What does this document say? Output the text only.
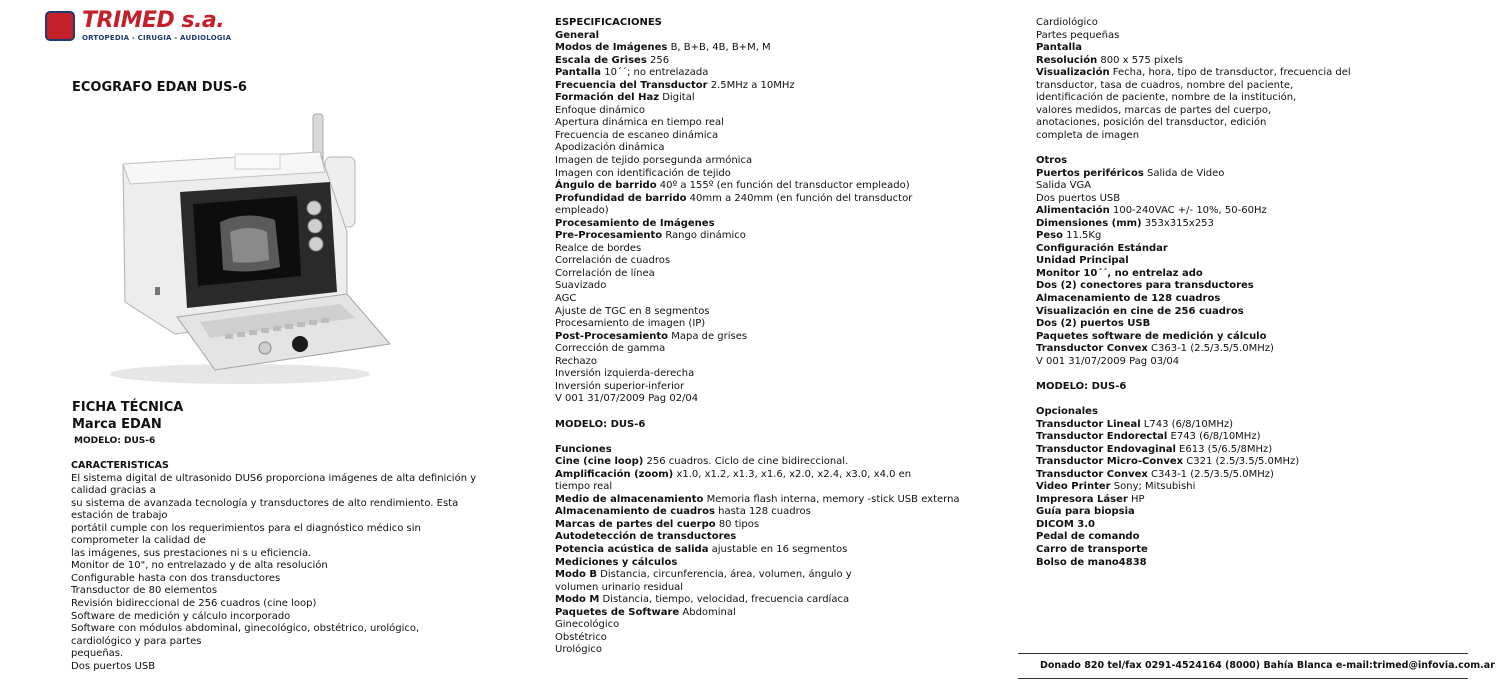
TRIMED s.a.
ORTOPEDIA - CIRUGIA - AUDIOLOGIA
ECOGRAFO EDAN DUS-6
FICHA TÉCNICA
Marca EDAN
MODELO: DUS-6
CARACTERISTICAS
El sistema digital de ultrasonido DUS6 proporciona imágenes de alta definición y
calidad gracias a
su sistema de avanzada tecnología y transductores de alto rendimiento. Esta
estación de trabajo
portátil cumple con los requerimientos para el diagnóstico médico sin
comprometer la calidad de
las imágenes, sus prestaciones ni s u eficiencia.
Monitor de 10", no entrelazado y de alta resolución
Configurable hasta con dos transductores
Transductor de 80 elementos
Revisión bidireccional de 256 cuadros (cine loop)
Software de medición y cálculo incorporado
Software con módulos abdominal, ginecológico, obstétrico, urológico,
cardiológico y para partes
pequeñas.
Dos puertos USB
ESPECIFICACIONES
General
Modos de Imágenes B, B+B, 4B, B+M, M
Escala de Grises 256
Pantalla 10´´; no entrelazada
Frecuencia del Transductor 2.5MHz a 10MHz
Formación del Haz Digital
Enfoque dinámico
Apertura dinámica en tiempo real
Frecuencia de escaneo dinámica
Apodización dinámica
Imagen de tejido porsegunda armónica
Imagen con identificación de tejido
Ángulo de barrido 40º a 155º (en función del transductor empleado)
Profundidad de barrido 40mm a 240mm (en función del transductor
empleado)
Procesamiento de Imágenes
Pre-Procesamiento Rango dinámico
Realce de bordes
Correlación de cuadros
Correlación de línea
Suavizado
AGC
Ajuste de TGC en 8 segmentos
Procesamiento de imagen (IP)
Post-Procesamiento Mapa de grises
Corrección de gamma
Rechazo
Inversión izquierda-derecha
Inversión superior-inferior
V 001 31/07/2009 Pag 02/04
MODELO: DUS-6
Funciones
Cine (cine loop) 256 cuadros. Ciclo de cine bidireccional.
Amplificación (zoom) x1.0, x1.2, x1.3, x1.6, x2.0, x2.4, x3.0, x4.0 en
tiempo real
Medio de almacenamiento Memoria flash interna, memory -stick USB externa
Almacenamiento de cuadros hasta 128 cuadros
Marcas de partes del cuerpo 80 tipos
Autodetección de transductores
Potencia acústica de salida ajustable en 16 segmentos
Mediciones y cálculos
Modo B Distancia, circunferencia, área, volumen, ángulo y
volumen urinario residual
Modo M Distancia, tiempo, velocidad, frecuencia cardíaca
Paquetes de Software Abdominal
Ginecológico
Obstétrico
Urológico
Cardiológico
Partes pequeñas
Pantalla
Resolución 800 x 575 pixels
Visualización Fecha, hora, tipo de transductor, frecuencia del
transductor, tasa de cuadros, nombre del paciente,
identificación de paciente, nombre de la institución,
valores medidos, marcas de partes del cuerpo,
anotaciones, posición del transductor, edición
completa de imagen
Otros
Puertos periféricos Salida de Video
Salida VGA
Dos puertos USB
Alimentación 100-240VAC +/- 10%, 50-60Hz
Dimensiones (mm) 353x315x253
Peso 11.5Kg
Configuración Estándar
Unidad Principal
Monitor 10´´, no entrelaz ado
Dos (2) conectores para transductores
Almacenamiento de 128 cuadros
Visualización en cine de 256 cuadros
Dos (2) puertos USB
Paquetes software de medición y cálculo
Transductor Convex C363-1 (2.5/3.5/5.0MHz)
V 001 31/07/2009 Pag 03/04
MODELO: DUS-6
Opcionales
Transductor Lineal L743 (6/8/10MHz)
Transductor Endorectal E743 (6/8/10MHz)
Transductor Endovaginal E613 (5/6.5/8MHz)
Transductor Micro-Convex C321 (2.5/3.5/5.0MHz)
Transductor Convex C343-1 (2.5/3.5/5.0MHz)
Video Printer Sony; Mitsubishi
Impresora Láser HP
Guía para biopsia
DICOM 3.0
Pedal de comando
Carro de transporte
Bolso de mano4838
Donado 820 tel/fax 0291-4524164 (8000) Bahía Blanca e-mail:trimed@infovia.com.ar
